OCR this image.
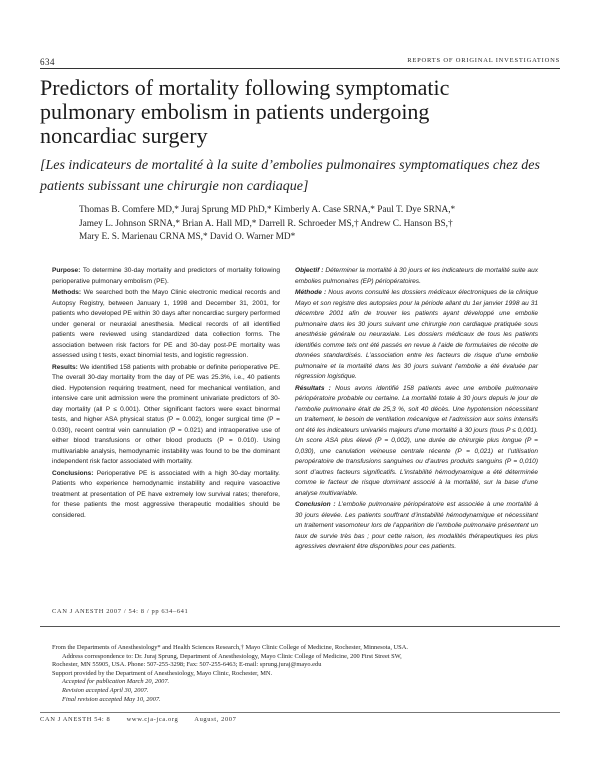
634	REPORTS OF ORIGINAL INVESTIGATIONS
Predictors of mortality following symptomatic pulmonary embolism in patients undergoing noncardiac surgery
[Les indicateurs de mortalité à la suite d’embolies pulmonaires symptomatiques chez des patients subissant une chirurgie non cardiaque]

Thomas B. Comfere MD,* Juraj Sprung MD PhD,* Kimberly A. Case SRNA,* Paul T. Dye SRNA,*

Jamey L. Johnson SRNA,* Brian A. Hall MD,* Darrell R. Schroeder MS,† Andrew C. Hanson BS,†

Mary E. S. Marienau CRNA MS,* David O. Warner MD*

Purpose: To determine 30-day mortality and predictors of mortality following perioperative pulmonary embolism (PE).

Methods: We searched both the Mayo Clinic electronic medical records and Autopsy Registry, between January 1, 1998 and December 31, 2001, for patients who developed PE within 30 days after noncardiac surgery performed under general or neuraxial anesthesia. Medical records of all identified patients were reviewed using standardized data collection forms. The association between risk factors for PE and 30-day post-PE mortality was assessed using t tests, exact binomial tests, and logistic regression.

Results: We identified 158 patients with probable or definite perioperative PE. The overall 30-day mortality from the day of PE was 25.3%, i.e., 40 patients died. Hypotension requiring treatment, need for mechanical ventilation, and intensive care unit admission were the prominent univariate predictors of 30-day mortality (all P ≤ 0.001). Other significant factors were exact binormal tests, and higher ASA physical status (P = 0.002), longer surgical time (P = 0.030), recent central vein cannulation (P = 0.021) and intraoperative use of either blood transfusions or other blood products (P = 0.010). Using multivariable analysis, hemodynamic instability was found to be the dominant independent risk factor associated with mortality.

Conclusions: Perioperative PE is associated with a high 30-day mortality. Patients who experience hemodynamic instability and require vasoactive treatment at presentation of PE have extremely low survival rates; therefore, for these patients the most aggressive therapeutic modalities should be considered.

Objectif : Déterminer la mortalité à 30 jours et les indicateurs de mortalité suite aux embolies pulmonaires (EP) périopératoires.

Méthode : Nous avons consulté les dossiers médicaux électroniques de la clinique Mayo et son registre des autopsies pour la période allant du 1er janvier 1998 au 31 décembre 2001 afin de trouver les patients ayant développé une embolie pulmonaire dans les 30 jours suivant une chirurgie non cardiaque pratiquée sous anesthésie générale ou neuraxiale. Les dossiers médicaux de tous les patients identifiés comme tels ont été passés en revue à l’aide de formulaires de récolte de données standardisés. L’association entre les facteurs de risque d’une embolie pulmonaire et la mortalité dans les 30 jours suivant l’embolie a été évaluée par régression logistique.

Résultats : Nous avons identifié 158 patients avec une embolie pulmonaire périopératoire probable ou certaine. La mortalité totale à 30 jours depuis le jour de l’embolie pulmonaire était de 25,3 %, soit 40 décès. Une hypotension nécessitant un traitement, le besoin de ventilation mécanique et l’admission aux soins intensifs ont été les indicateurs univariés majeurs d’une mortalité à 30 jours (tous P ≤ 0,001). Un score ASA plus élevé (P = 0,002), une durée de chirurgie plus longue (P = 0,030), une canulation veineuse centrale récente (P = 0,021) et l’utilisation peropératoire de transfusions sanguines ou d’autres produits sanguins (P = 0,010) sont d’autres facteurs significatifs. L’instabilité hémodynamique a été déterminée comme le facteur de risque dominant associé à la mortalité, sur la base d’une analyse multivariable.

Conclusion : L’embolie pulmonaire périopératoire est associée à une mortalité à 30 jours élevée. Les patients souffrant d’instabilité hémodynamique et nécessitant un traitement vasomoteur lors de l’apparition de l’embolie pulmonaire présentent un taux de survie très bas ; pour cette raison, les modalités thérapeutiques les plus agressives devraient être disponibles pour ces patients.

CAN J ANESTH 2007 / 54: 8 / pp 634–641

From the Departments of Anesthesiology* and Health Sciences Research,† Mayo Clinic College of Medicine, Rochester, Minnesota, USA.

Address correspondence to: Dr. Juraj Sprung, Department of Anesthesiology, Mayo Clinic College of Medicine, 200 First Street SW,

Rochester, MN 55905, USA. Phone: 507-255-3298; Fax: 507-255-6463; E-mail: sprung.juraj@mayo.edu

Support provided by the Department of Anesthesiology, Mayo Clinic, Rochester, MN.

Accepted for publication March 20, 2007.

Revision accepted April 30, 2007.

Final revision accepted May 10, 2007.

CAN J ANESTH 54: 8 www.cja-jca.org August, 2007
